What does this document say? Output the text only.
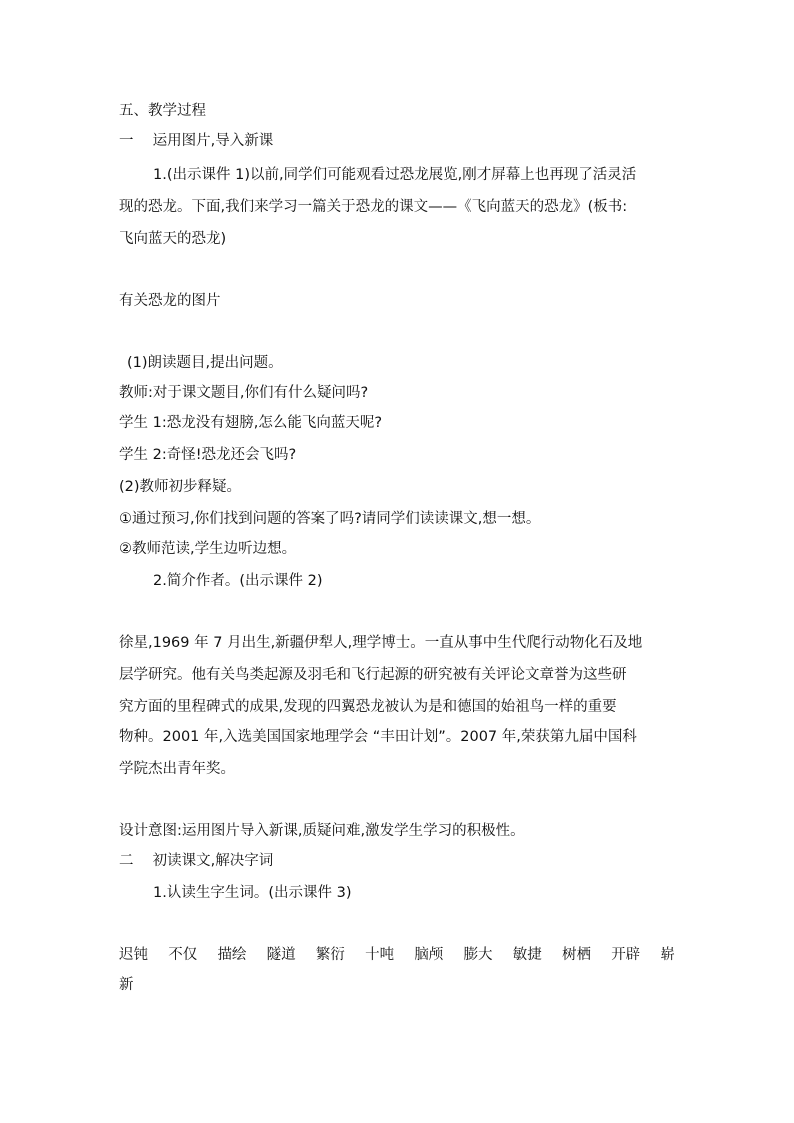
五、教学过程
一　 运用图片,导入新课
1.(出示课件 1)以前,同学们可能观看过恐龙展览,刚才屏幕上也再现了活灵活
现的恐龙。下面,我们来学习一篇关于恐龙的课文——《飞向蓝天的恐龙》(板书:
飞向蓝天的恐龙)
有关恐龙的图片
(1)朗读题目,提出问题。
教师:对于课文题目,你们有什么疑问吗?
学生 1:恐龙没有翅膀,怎么能飞向蓝天呢?
学生 2:奇怪!恐龙还会飞吗?
(2)教师初步释疑。
①通过预习,你们找到问题的答案了吗?请同学们读读课文,想一想。
②教师范读,学生边听边想。
2.简介作者。(出示课件 2)
徐星,1969 年 7 月出生,新疆伊犁人,理学博士。一直从事中生代爬行动物化石及地
层学研究。他有关鸟类起源及羽毛和飞行起源的研究被有关评论文章誉为这些研
究方面的里程碑式的成果,发现的四翼恐龙被认为是和德国的始祖鸟一样的重要
物种。2001 年,入选美国国家地理学会 “丰田计划”。2007 年,荣获第九届中国科
学院杰出青年奖。
设计意图:运用图片导入新课,质疑问难,激发学生学习的积极性。
二　 初读课文,解决字词
1.认读生字生词。(出示课件 3)
迟钝 不仅 描绘 隧道 繁衍 十吨 脑颅 膨大 敏捷 树栖 开辟 崭
新
